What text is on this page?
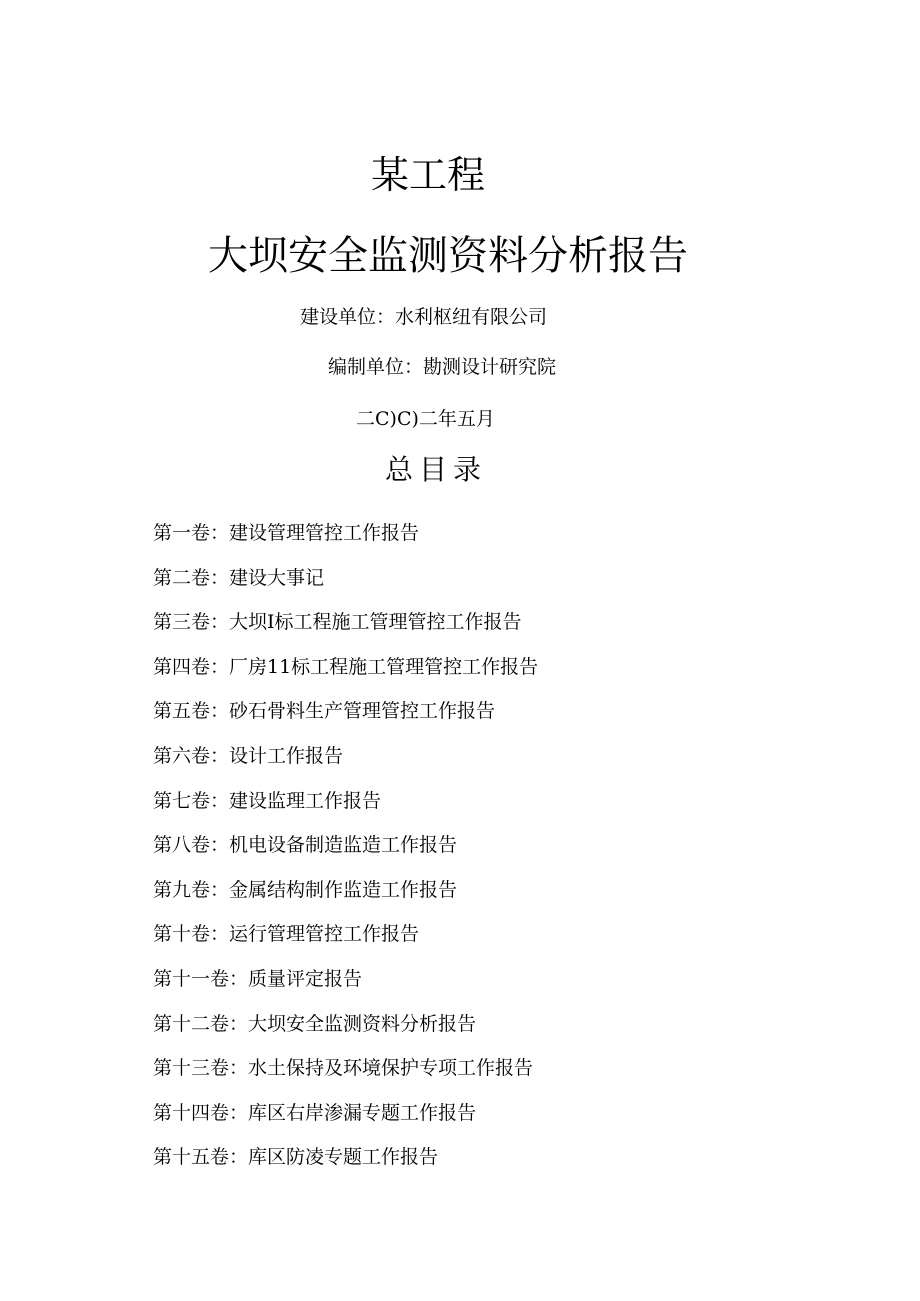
某工程
大坝安全监测资料分析报告
建设单位：水利枢纽有限公司
编制单位：勘测设计研究院
二C)C)二年五月
总目录
第一卷：建设管理管控工作报告
第二卷：建设大事记
第三卷：大坝I标工程施工管理管控工作报告
第四卷：厂房11标工程施工管理管控工作报告
第五卷：砂石骨料生产管理管控工作报告
第六卷：设计工作报告
第七卷：建设监理工作报告
第八卷：机电设备制造监造工作报告
第九卷：金属结构制作监造工作报告
第十卷：运行管理管控工作报告
第十一卷：质量评定报告
第十二卷：大坝安全监测资料分析报告
第十三卷：水土保持及环境保护专项工作报告
第十四卷：库区右岸渗漏专题工作报告
第十五卷：库区防凌专题工作报告
